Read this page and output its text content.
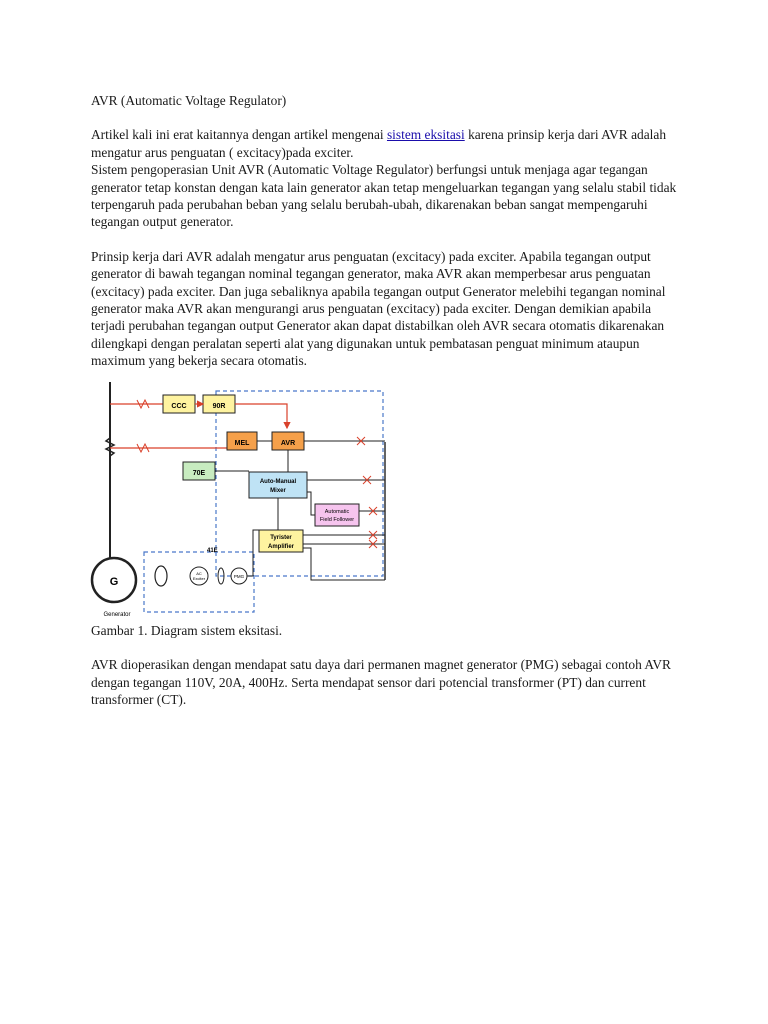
AVR (Automatic Voltage Regulator)

Artikel kali ini erat kaitannya dengan artikel mengenai sistem eksitasi karena prinsip kerja dari AVR adalah mengatur arus penguatan ( excitacy)pada exciter.

Sistem pengoperasian Unit AVR (Automatic Voltage Regulator) berfungsi untuk menjaga agar tegangan generator tetap konstan dengan kata lain generator akan tetap mengeluarkan tegangan yang selalu stabil tidak terpengaruh pada perubahan beban yang selalu berubah-ubah, dikarenakan beban sangat mempengaruhi tegangan output generator.

Prinsip kerja dari AVR adalah mengatur arus penguatan (excitacy) pada exciter. Apabila tegangan output generator di bawah tegangan nominal tegangan generator, maka AVR akan memperbesar arus penguatan (excitacy) pada exciter. Dan juga sebaliknya apabila tegangan output Generator melebihi tegangan nominal generator maka AVR akan mengurangi arus penguatan (excitacy) pada exciter. Dengan demikian apabila terjadi perubahan tegangan output Generator akan dapat distabilkan oleh AVR secara otomatis dikarenakan dilengkapi dengan peralatan seperti alat yang digunakan untuk pembatasan penguat minimum ataupun maximum yang bekerja secara otomatis.

CCC	90R
MEL	AVR
70E
Auto-Manual
Mixer
Automatic
Field Follower
Tyrister
Amplifier
41E
AC
Exciter	PMG
G
Generator

Gambar 1. Diagram sistem eksitasi.

AVR dioperasikan dengan mendapat satu daya dari permanen magnet generator (PMG) sebagai contoh AVR dengan tegangan 110V, 20A, 400Hz. Serta mendapat sensor dari potencial transformer (PT) dan current transformer (CT).
